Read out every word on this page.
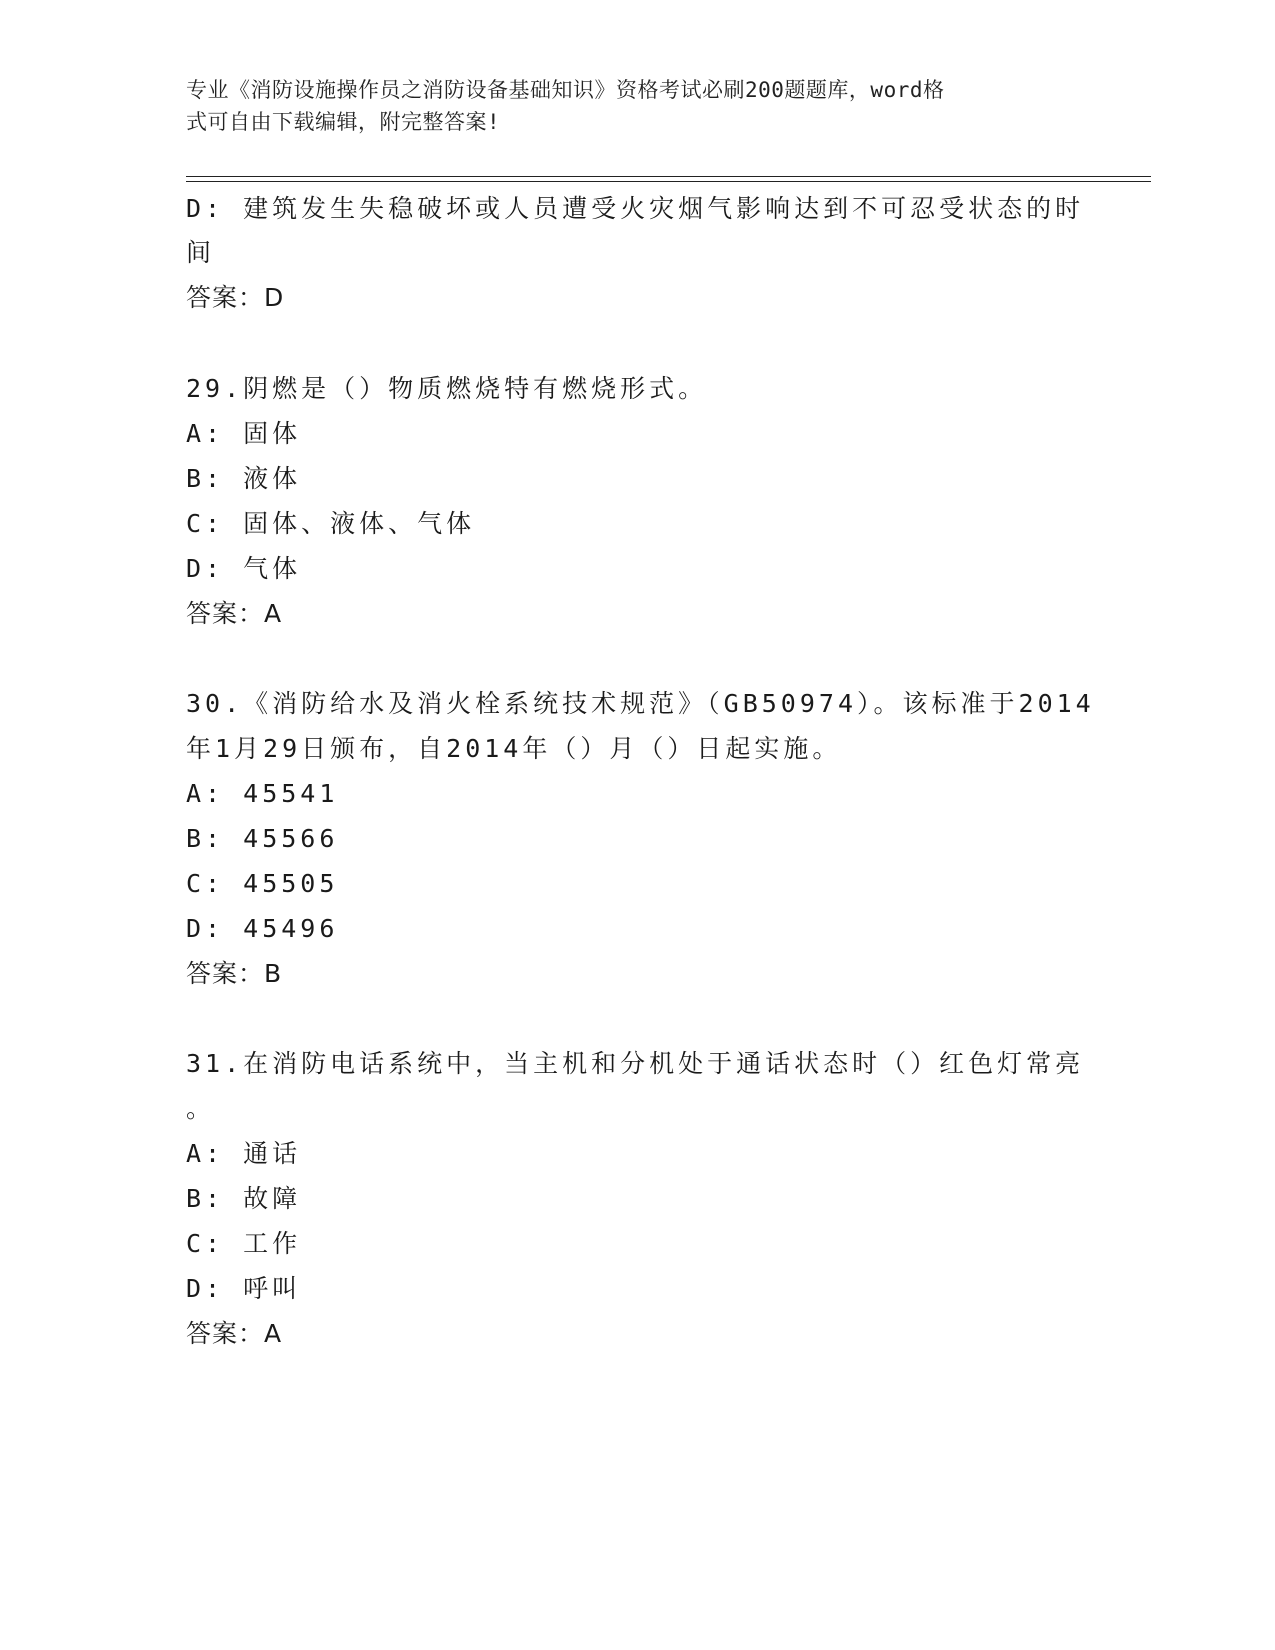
专业《消防设施操作员之消防设备基础知识》资格考试必刷200题题库，word格
式可自由下载编辑，附完整答案!
D: 建筑发生失稳破坏或人员遭受火灾烟气影响达到不可忍受状态的时
间
答案：D
29.阴燃是（）物质燃烧特有燃烧形式。
A: 固体
B: 液体
C: 固体、液体、气体
D: 气体
答案：A
30.《消防给水及消火栓系统技术规范》（GB50974）。该标准于2014
年1月29日颁布，自2014年（）月（）日起实施。
A: 45541
B: 45566
C: 45505
D: 45496
答案：B
31.在消防电话系统中，当主机和分机处于通话状态时（）红色灯常亮
。
A: 通话
B: 故障
C: 工作
D: 呼叫
答案：A
